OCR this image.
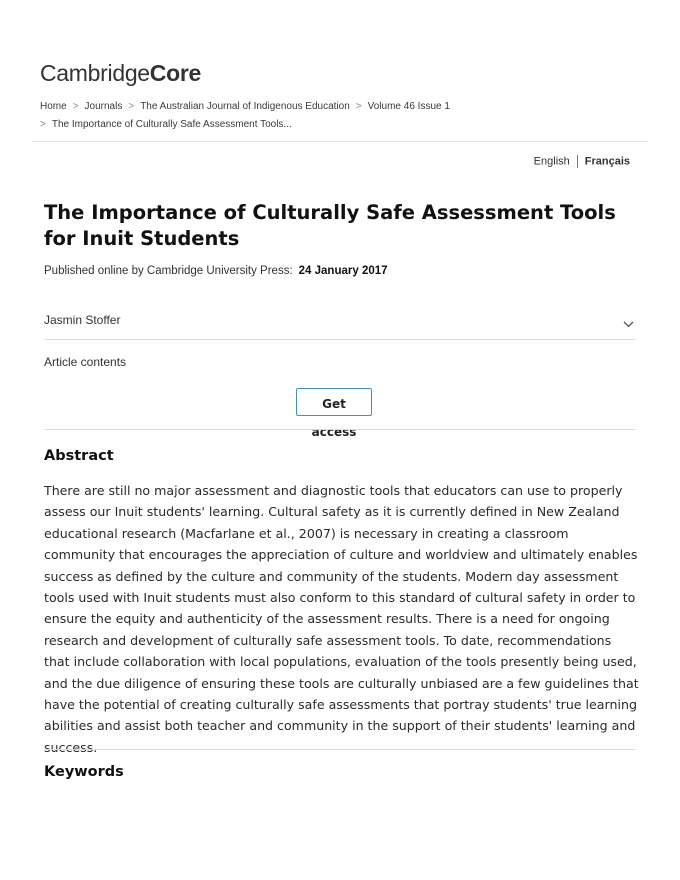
CambridgeCore
Home > Journals > The Australian Journal of Indigenous Education > Volume 46 Issue 1
> The Importance of Culturally Safe Assessment Tools...
English Français
The Importance of Culturally Safe Assessment Tools for Inuit Students
Published online by Cambridge University Press: 24 January 2017
Jasmin Stoffer
Article contents
Get access
Abstract

There are still no major assessment and diagnostic tools that educators can use to properly assess our Inuit students' learning. Cultural safety as it is currently defined in New Zealand educational research (Macfarlane et al., 2007) is necessary in creating a classroom community that encourages the appreciation of culture and worldview and ultimately enables success as defined by the culture and community of the students. Modern day assessment tools used with Inuit students must also conform to this standard of cultural safety in order to ensure the equity and authenticity of the assessment results. There is a need for ongoing research and development of culturally safe assessment tools. To date, recommendations that include collaboration with local populations, evaluation of the tools presently being used, and the due diligence of ensuring these tools are culturally unbiased are a few guidelines that have the potential of creating culturally safe assessments that portray students' true learning abilities and assist both teacher and community in the support of their students' learning and success.

Keywords
